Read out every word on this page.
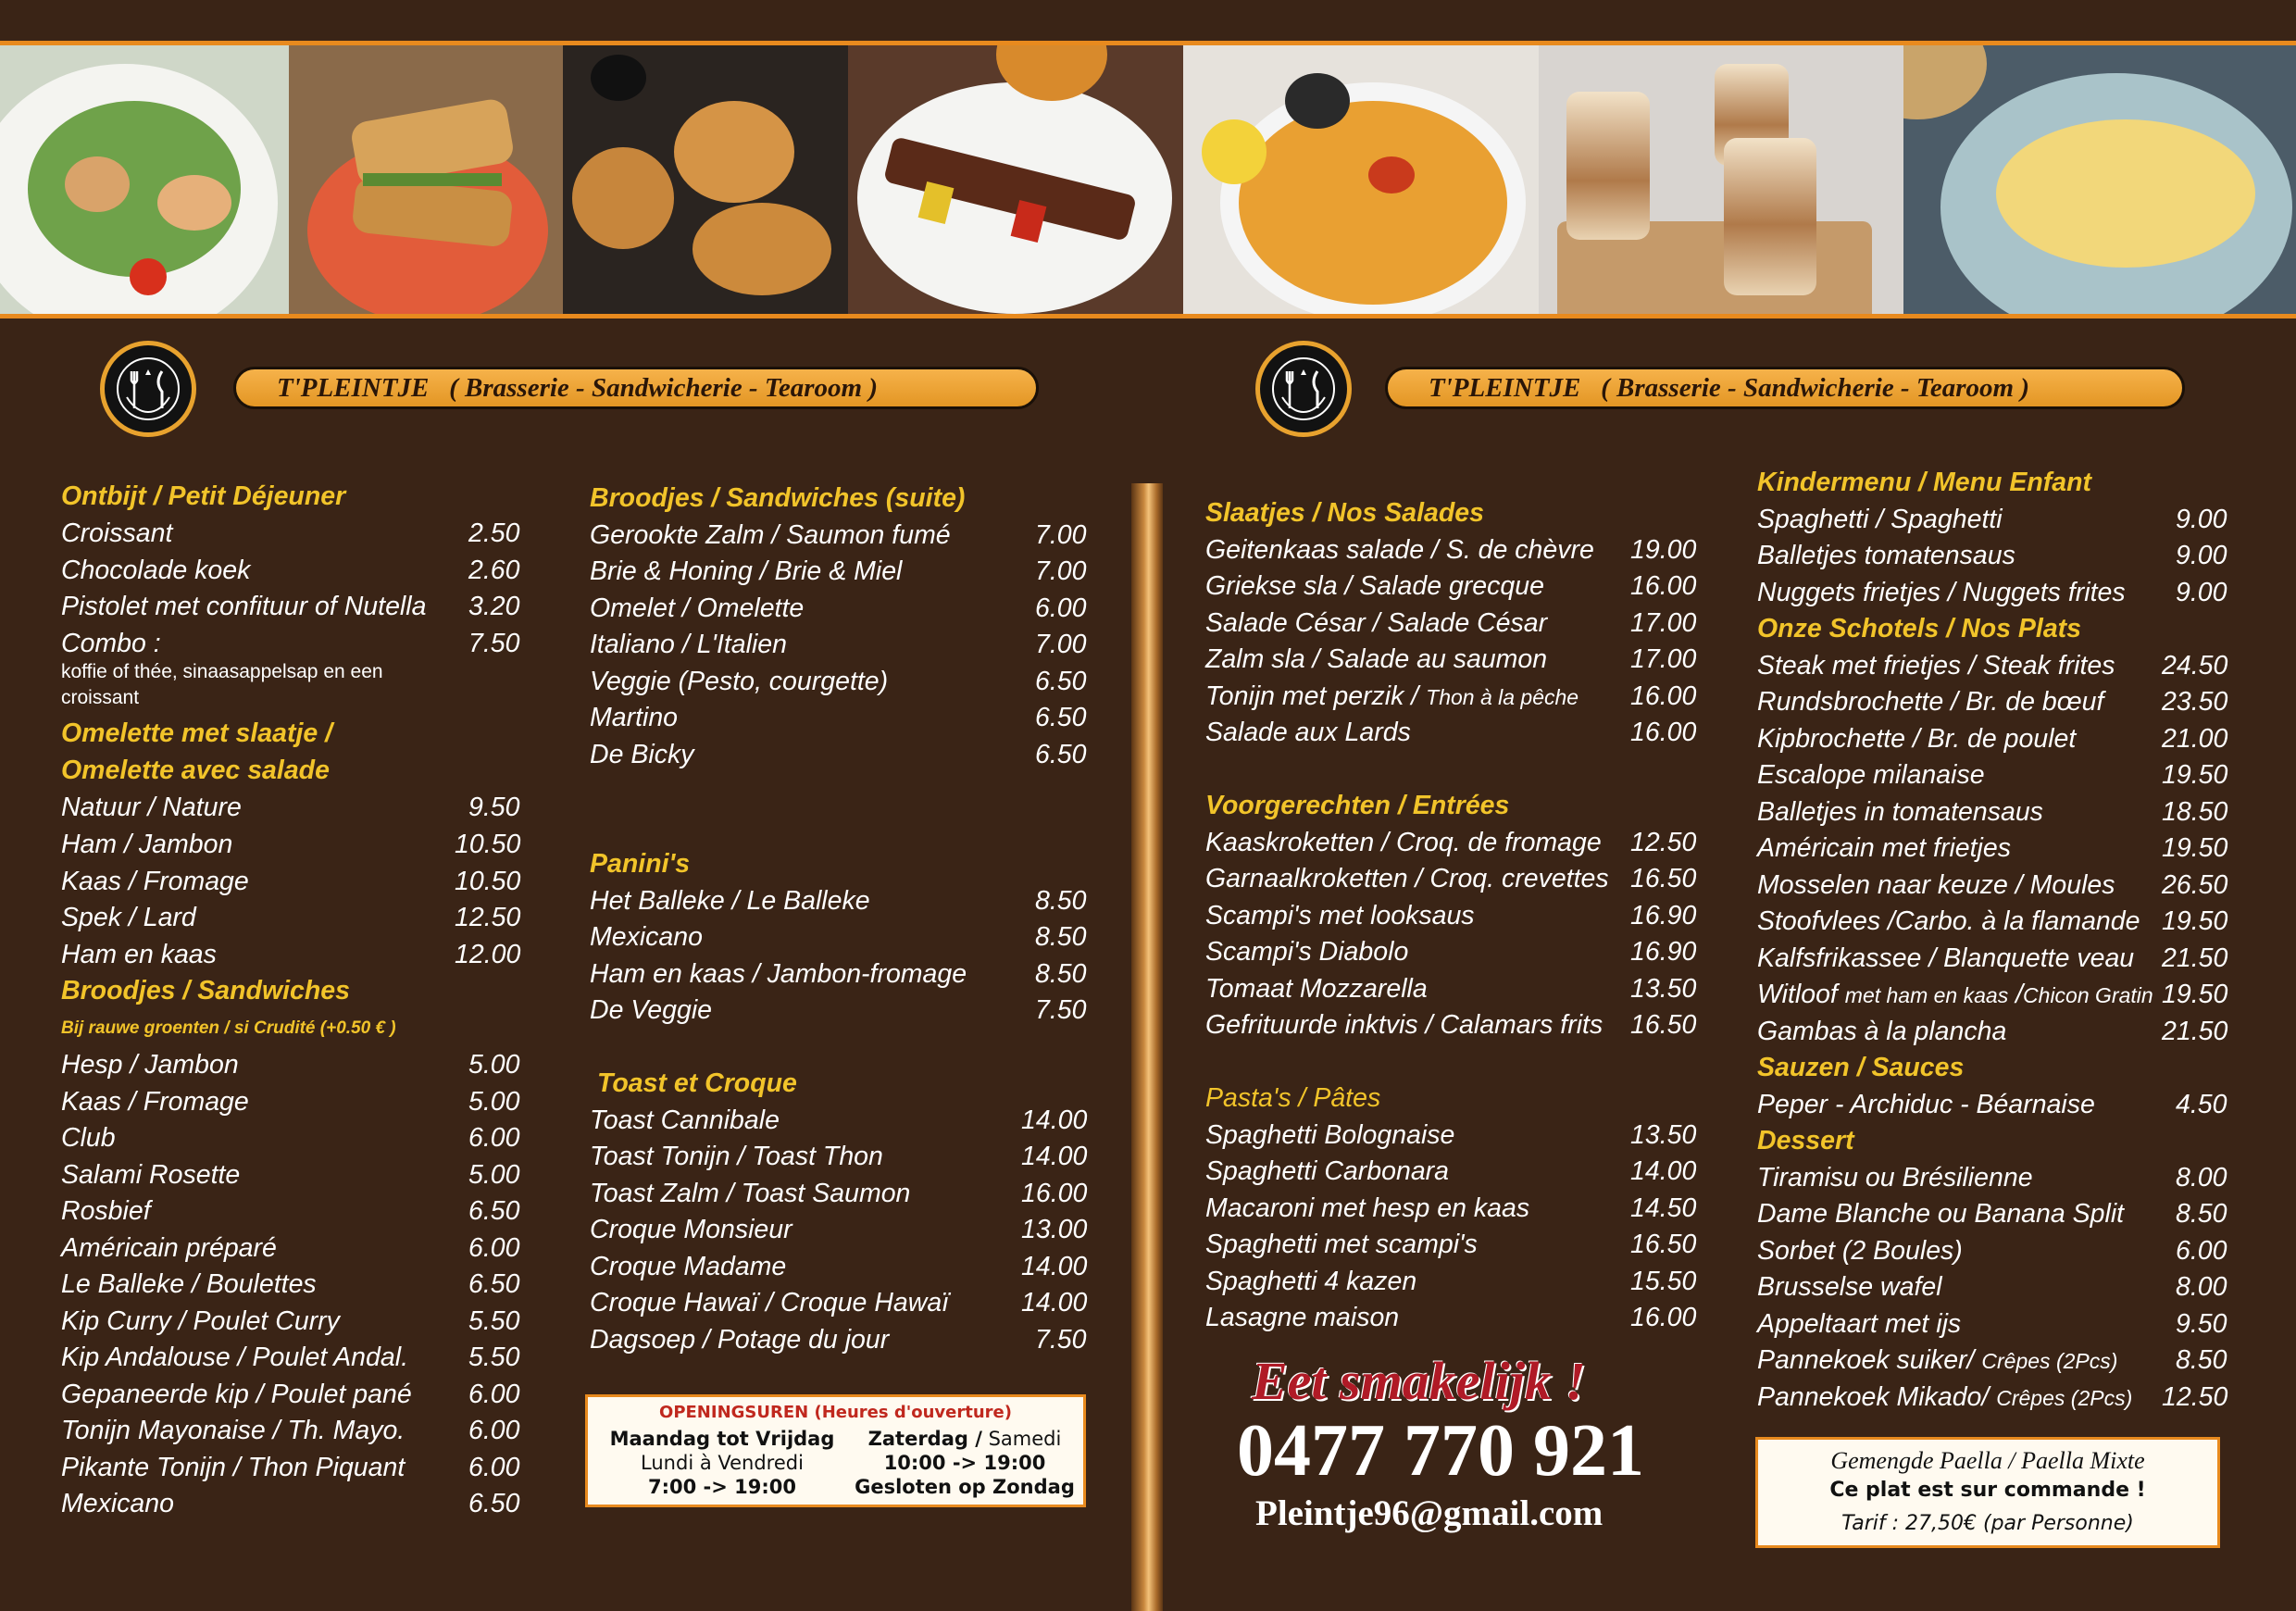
T'PLEINTJE
( Brasserie - Sandwicherie - Tearoom )	T'PLEINTJE
( Brasserie - Sandwicherie - Tearoom )
Ontbijt / Petit Déjeuner
Croissant	2.50
Chocolade koek	2.60
Pistolet met confituur of Nutella 3.20
Combo :	7.50
koffie of thée, sinaasappelsap en een
croissant
Omelette met slaatje /
Omelette avec salade
Natuur / Nature	9.50
Ham / Jambon	10.50
Kaas / Fromage	10.50
Spek / Lard	12.50
Ham en kaas	12.00
Broodjes / Sandwiches
Bij rauwe groenten / si Crudité (+0.50 € )
Hesp / Jambon	5.00
Kaas / Fromage	5.00
Club	6.00
Salami Rosette	5.00
Rosbief	6.50
Américain préparé	6.00
Le Balleke / Boulettes	6.50
Kip Curry / Poulet Curry	5.50
Kip Andalouse / Poulet Andal. 5.50
Gepaneerde kip / Poulet pané 6.00
Tonijn Mayonaise / Th. Mayo. 6.00
Pikante Tonijn / Thon Piquant 6.00
Mexicano	6.50
Broodjes / Sandwiches (suite)
Gerookte Zalm / Saumon fumé	7.00
Brie & Honing / Brie & Miel	7.00
Omelet / Omelette	6.00
Italiano / L'Italien	7.00
Veggie (Pesto, courgette)	6.50
Martino	6.50
De Bicky	6.50
Panini's
Het Balleke / Le Balleke	8.50
Mexicano	8.50
Ham en kaas / Jambon-fromage	8.50
De Veggie	7.50
Toast et Croque
Toast Cannibale	14.00
Toast Tonijn / Toast Thon	14.00
Toast Zalm / Toast Saumon	16.00
Croque Monsieur	13.00
Croque Madame	14.00
Croque Hawaï / Croque Hawaï	14.00
Dagsoep / Potage du jour	7.50
OPENINGSUREN (Heures d'ouverture)
Maandag tot Vrijdag
Lundi à Vendredi
7:00 -> 19:00
Zaterdag / Samedi
10:00 -> 19:00
Gesloten op Zondag
Slaatjes / Nos Salades
Geitenkaas salade / S. de chèvre 19.00
Griekse sla / Salade grecque	16.00
Salade César / Salade César	17.00
Zalm sla / Salade au saumon	17.00
Tonijn met perzik / Thon à la pêche 16.00
Salade aux Lards	16.00
Voorgerechten / Entrées
Kaaskroketten / Croq. de fromage 12.50
Garnaalkroketten / Croq. crevettes 16.50
Scampi's met looksaus	16.90
Scampi's Diabolo	16.90
Tomaat Mozzarella	13.50
Gefrituurde inktvis / Calamars frits 16.50
Pasta's / Pâtes
Spaghetti Bolognaise	13.50
Spaghetti Carbonara	14.00
Macaroni met hesp en kaas	14.50
Spaghetti met scampi's	16.50
Spaghetti 4 kazen	15.50
Lasagne maison	16.00
Eet smakelijk !
0477 770 921
Pleintje96@gmail.com
Kindermenu / Menu Enfant
Spaghetti / Spaghetti	9.00
Balletjes tomatensaus	9.00
Nuggets frietjes / Nuggets frites 9.00
Onze Schotels / Nos Plats
Steak met frietjes / Steak frites 24.50
Rundsbrochette / Br. de bœuf 23.50
Kipbrochette / Br. de poulet	21.00
Escalope milanaise	19.50
Balletjes in tomatensaus	18.50
Américain met frietjes	19.50
Mosselen naar keuze / Moules 26.50
Stoofvlees /Carbo. à la flamande 19.50
Kalfsfrikassee / Blanquette veau 21.50
Witloof met ham en kaas /Chicon Gratin 19.50
Gambas à la plancha	21.50
Sauzen / Sauces
Peper - Archiduc - Béarnaise	4.50
Dessert
Tiramisu ou Brésilienne	8.00
Dame Blanche ou Banana Split 8.50
Sorbet (2 Boules)	6.00
Brusselse wafel	8.00
Appeltaart met ijs	9.50
Pannekoek suiker/ Crêpes (2Pcs) 8.50
Pannekoek Mikado/ Crêpes (2Pcs) 12.50
Gemengde Paella / Paella Mixte
Ce plat est sur commande !
Tarif : 27,50€ (par Personne)
